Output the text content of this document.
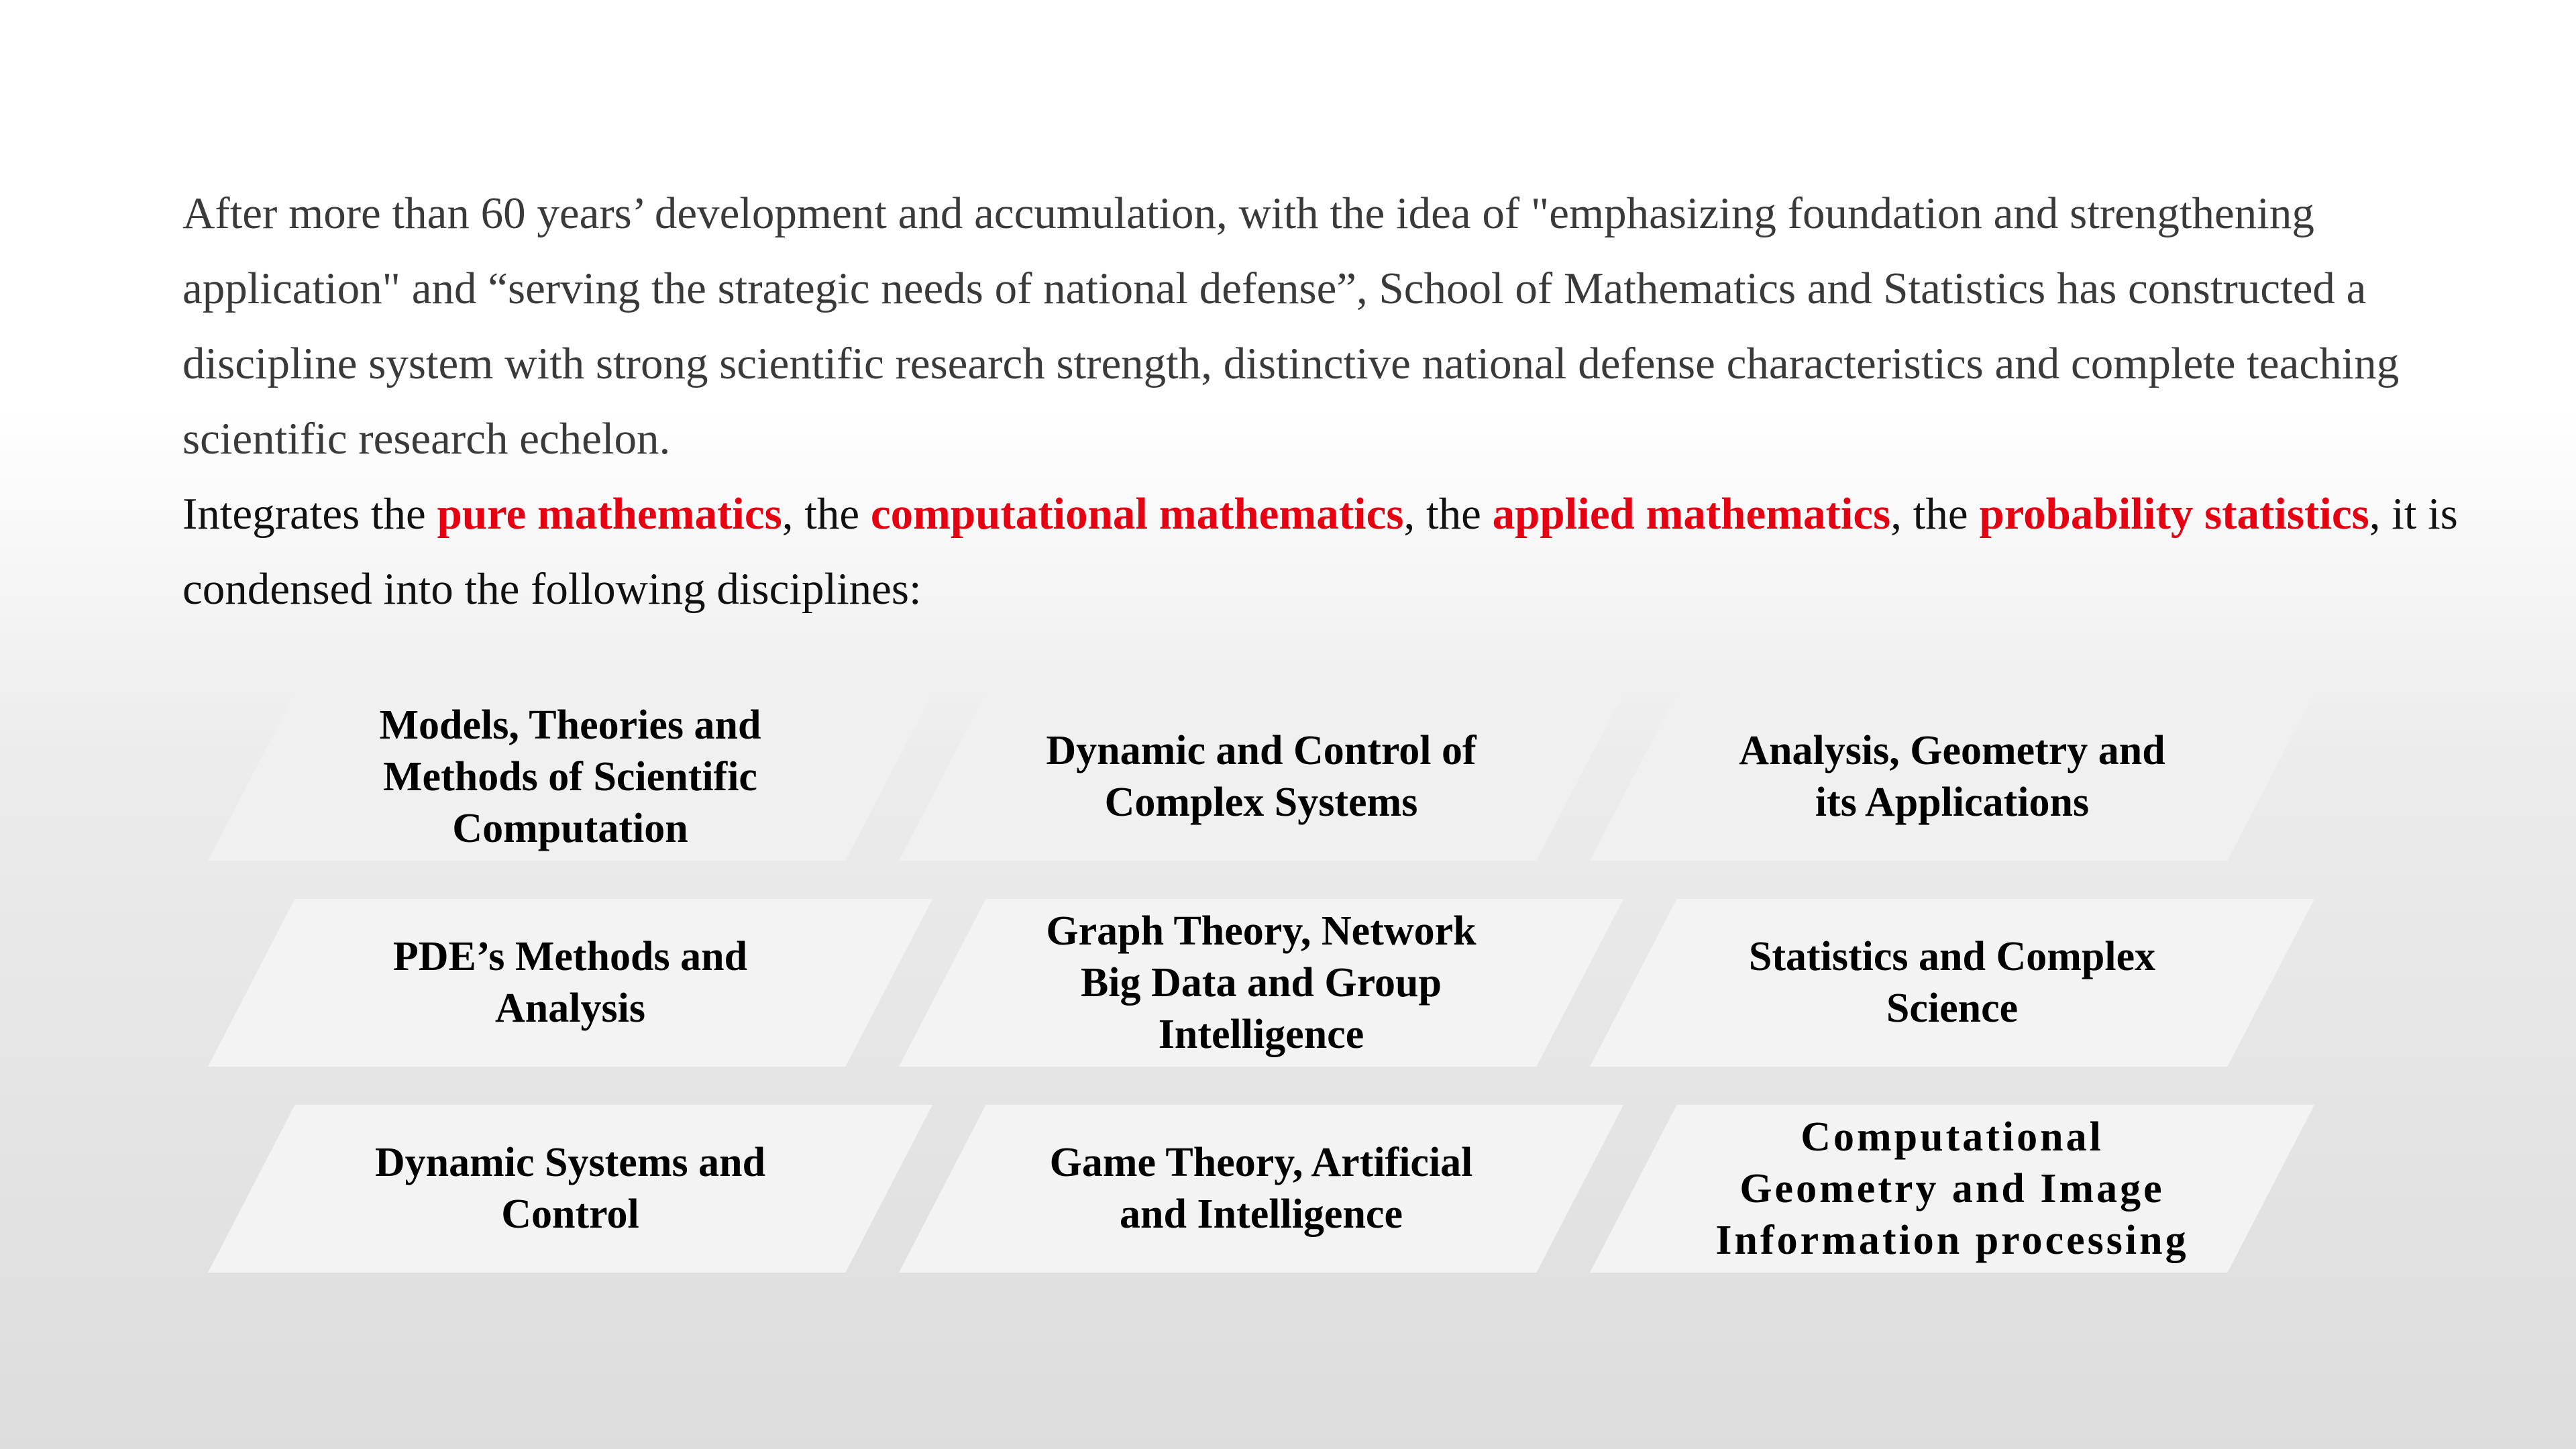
After more than 60 years’ development and accumulation, with the idea of "emphasizing foundation and strengthening application" and “serving the strategic needs of national defense”, School of Mathematics and Statistics has constructed a discipline system with strong scientific research strength, distinctive national defense characteristics and complete teaching scientific research echelon.

Integrates the pure mathematics, the computational mathematics, the applied mathematics, the probability statistics, it is condensed into the following disciplines:

Models, Theories and
Methods of Scientific
Computation
Dynamic and Control of
Complex Systems
Analysis, Geometry and
its Applications
PDE’s Methods and
Analysis
Graph Theory, Network
Big Data and Group
Intelligence
Statistics and Complex
Science
Dynamic Systems and
Control
Game Theory, Artificial
and Intelligence
Computational
Geometry and Image
Information processing
